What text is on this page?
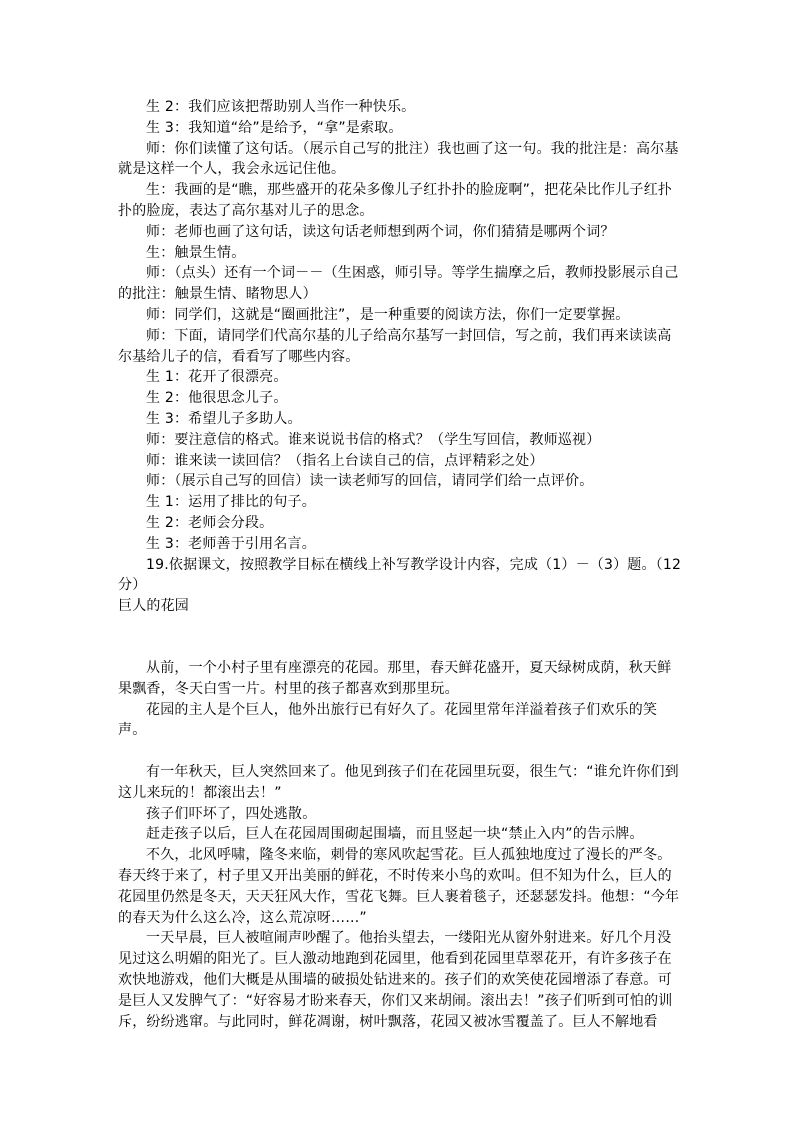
生 2：我们应该把帮助别人当作一种快乐。

生 3：我知道“给”是给予，“拿”是索取。

师：你们读懂了这句话。（展示自己写的批注）我也画了这一句。我的批注是：高尔基就是这样一个人，我会永远记住他。

生：我画的是“瞧，那些盛开的花朵多像儿子红扑扑的脸庞啊”，把花朵比作儿子红扑扑的脸庞，表达了高尔基对儿子的思念。

师：老师也画了这句话，读这句话老师想到两个词，你们猜猜是哪两个词？

生：触景生情。

师：（点头）还有一个词－－（生困惑，师引导。等学生揣摩之后，教师投影展示自己的批注：触景生情、睹物思人）

师：同学们，这就是“圈画批注”，是一种重要的阅读方法，你们一定要掌握。

师：下面，请同学们代高尔基的儿子给高尔基写一封回信，写之前，我们再来读读高尔基给儿子的信，看看写了哪些内容。

生 1：花开了很漂亮。

生 2：他很思念儿子。

生 3：希望儿子多助人。

师：要注意信的格式。谁来说说书信的格式？（学生写回信，教师巡视）

师：谁来读一读回信？（指名上台读自己的信，点评精彩之处）

师：（展示自己写的回信）读一读老师写的回信，请同学们给一点评价。

生 1：运用了排比的句子。

生 2：老师会分段。

生 3：老师善于引用名言。

19.依据课文，按照教学目标在横线上补写教学设计内容，完成（1）－（3）题。（12分）

巨人的花园

从前，一个小村子里有座漂亮的花园。那里，春天鲜花盛开，夏天绿树成荫，秋天鲜果飘香，冬天白雪一片。村里的孩子都喜欢到那里玩。

花园的主人是个巨人，他外出旅行已有好久了。花园里常年洋溢着孩子们欢乐的笑声。

有一年秋天，巨人突然回来了。他见到孩子们在花园里玩耍，很生气：“谁允许你们到这儿来玩的！都滚出去！”

孩子们吓坏了，四处逃散。

赶走孩子以后，巨人在花园周围砌起围墙，而且竖起一块“禁止入内”的告示牌。

不久，北风呼啸，隆冬来临，刺骨的寒风吹起雪花。巨人孤独地度过了漫长的严冬。春天终于来了，村子里又开出美丽的鲜花，不时传来小鸟的欢叫。但不知为什么，巨人的花园里仍然是冬天，天天狂风大作，雪花飞舞。巨人裹着毯子，还瑟瑟发抖。他想：“今年的春天为什么这么冷，这么荒凉呀……”

一天早晨，巨人被喧闹声吵醒了。他抬头望去，一缕阳光从窗外射进来。好几个月没见过这么明媚的阳光了。巨人激动地跑到花园里，他看到花园里草翠花开，有许多孩子在欢快地游戏，他们大概是从围墙的破损处钻进来的。孩子们的欢笑使花园增添了春意。可是巨人又发脾气了：“好容易才盼来春天，你们又来胡闹。滚出去！”孩子们听到可怕的训斥，纷纷逃窜。与此同时，鲜花凋谢，树叶飘落，花园又被冰雪覆盖了。巨人不解地看
